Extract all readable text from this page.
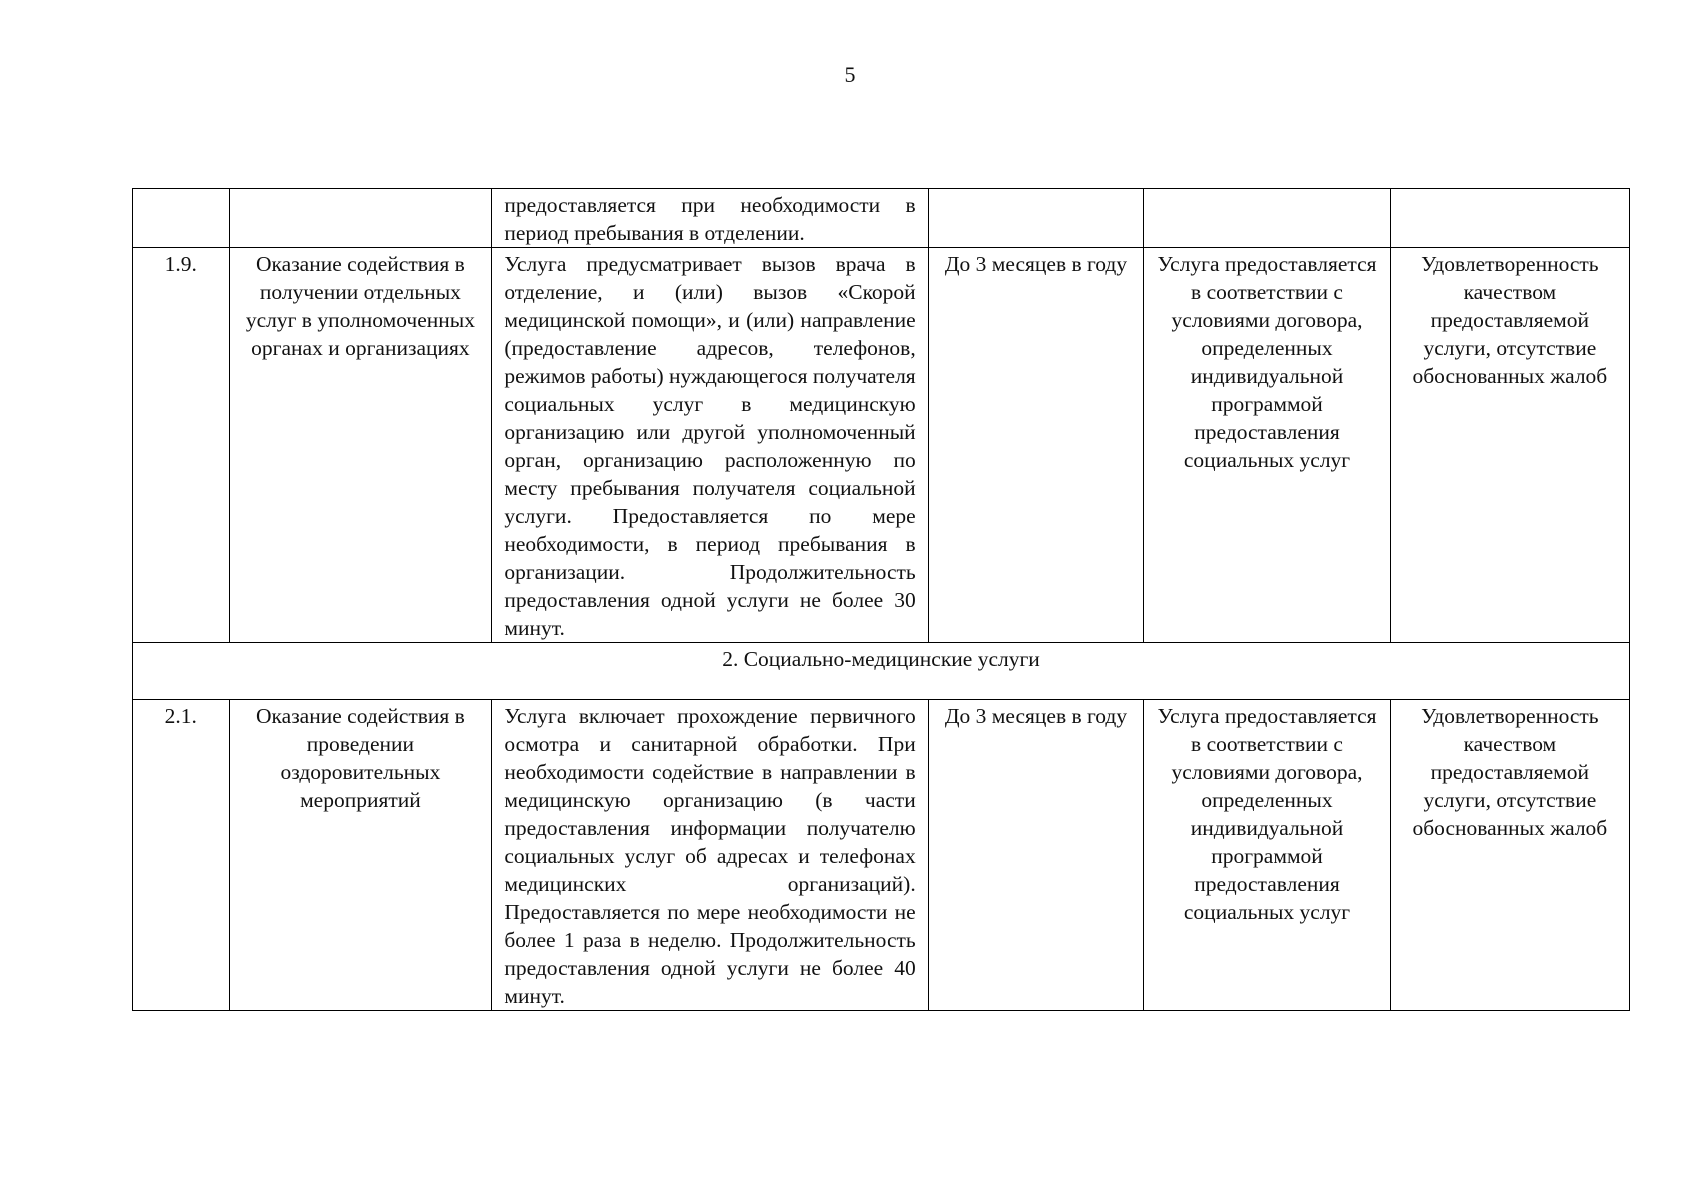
5
		предоставляется при необходимости в период пребывания в отделении.			
1.9.	Оказание содействия в получении отдельных услуг в уполномоченных органах и организациях	Услуга предусматривает вызов врача в отделение, и (или) вызов «Скорой медицинской помощи», и (или) направление (предоставление адресов, телефонов, режимов работы) нуждающегося получателя социальных услуг в медицинскую организацию или другой уполномоченный орган, организацию расположенную по месту пребывания получателя социальной услуги. Предоставляется по мере необходимости, в период пребывания в организации. Продолжительность предоставления одной услуги не более 30 минут.	До 3 месяцев в году	Услуга предоставляется в соответствии с условиями договора, определенных индивидуальной программой предоставления социальных услуг	Удовлетворенность качеством предоставляемой услуги, отсутствие обоснованных жалоб
2. Социально-медицинские услуги					
2.1.	Оказание содействия в проведении оздоровительных мероприятий	Услуга включает прохождение первичного осмотра и санитарной обработки. При необходимости содействие в направлении в медицинскую организацию (в части предоставления информации получателю социальных услуг об адресах и телефонах медицинских организаций). Предоставляется по мере необходимости не более 1 раза в неделю. Продолжительность предоставления одной услуги не более 40 минут.	До 3 месяцев в году	Услуга предоставляется в соответствии с условиями договора, определенных индивидуальной программой предоставления социальных услуг	Удовлетворенность качеством предоставляемой услуги, отсутствие обоснованных жалоб
